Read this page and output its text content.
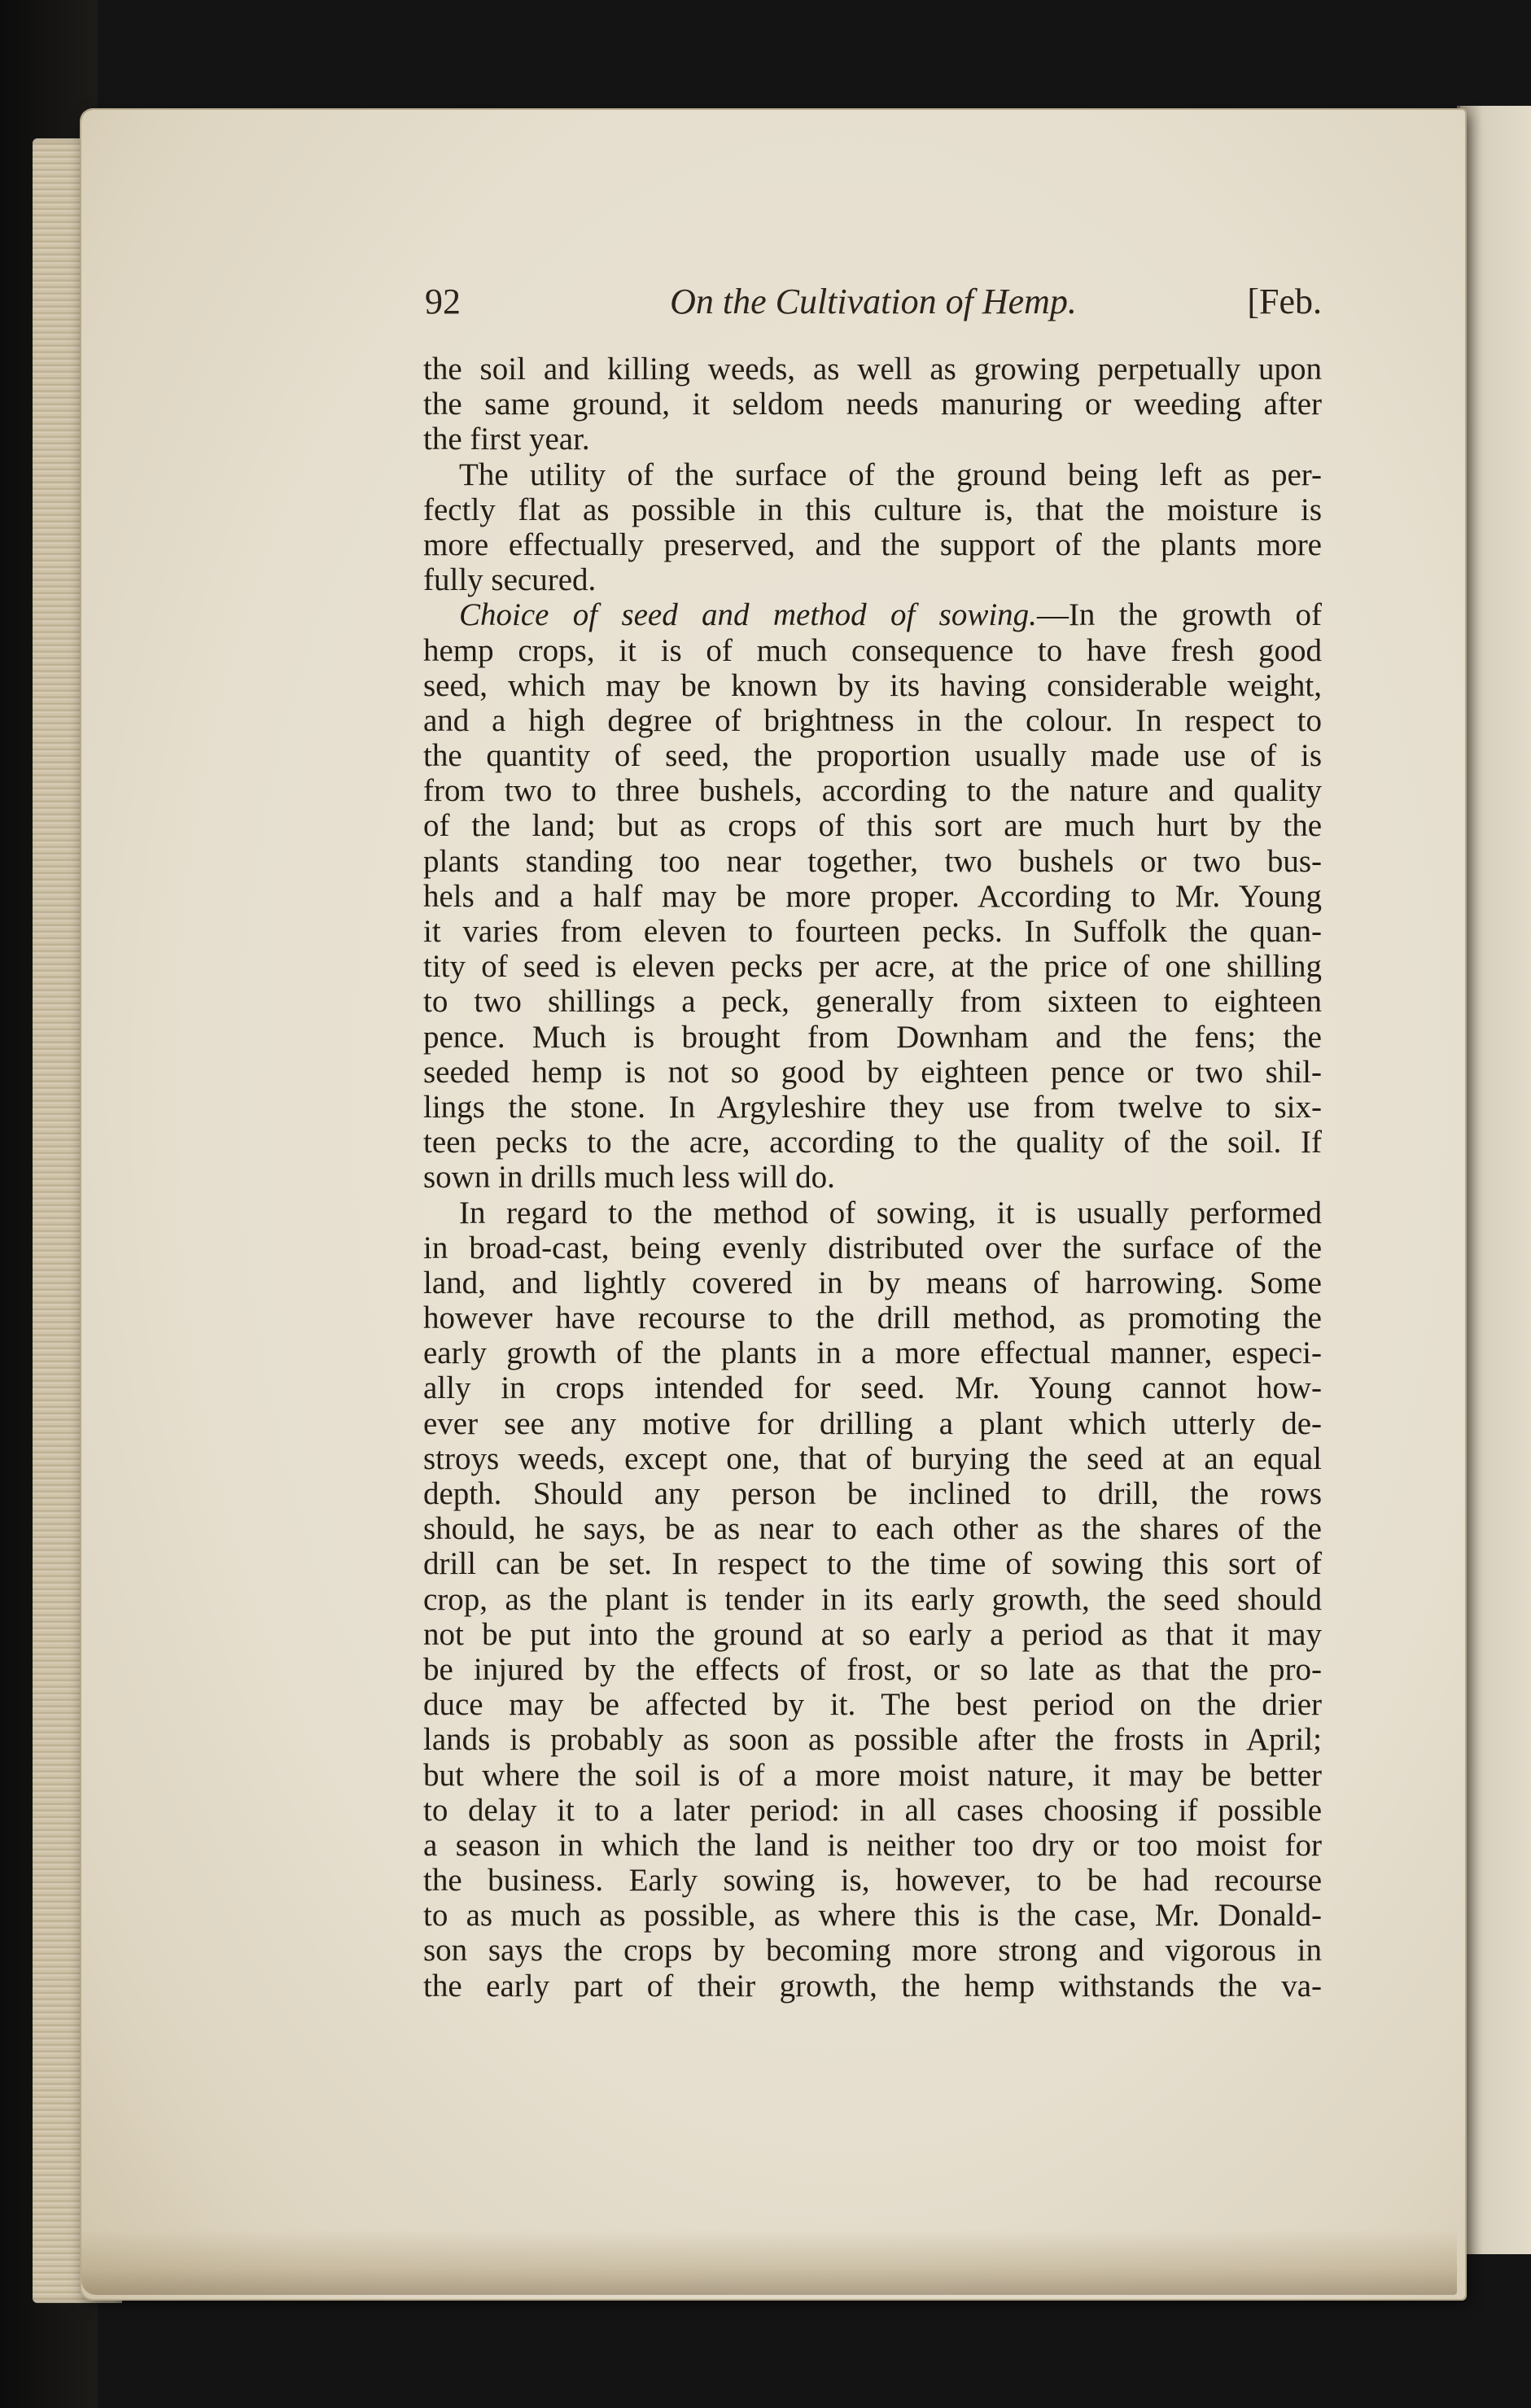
92	On the Cultivation of Hemp.	[Feb.
the soil and killing weeds, as well as growing perpetually upon
the same ground, it seldom needs manuring or weeding after
the first year.
The utility of the surface of the ground being left as per-
fectly flat as possible in this culture is, that the moisture is
more effectually preserved, and the support of the plants more
fully secured.
Choice of seed and method of sowing.—In the growth of
hemp crops, it is of much consequence to have fresh good
seed, which may be known by its having considerable weight,
and a high degree of brightness in the colour. In respect to
the quantity of seed, the proportion usually made use of is
from two to three bushels, according to the nature and quality
of the land; but as crops of this sort are much hurt by the
plants standing too near together, two bushels or two bus-
hels and a half may be more proper. According to Mr. Young
it varies from eleven to fourteen pecks. In Suffolk the quan-
tity of seed is eleven pecks per acre, at the price of one shilling
to two shillings a peck, generally from sixteen to eighteen
pence. Much is brought from Downham and the fens; the
seeded hemp is not so good by eighteen pence or two shil-
lings the stone. In Argyleshire they use from twelve to six-
teen pecks to the acre, according to the quality of the soil. If
sown in drills much less will do.
In regard to the method of sowing, it is usually performed
in broad-cast, being evenly distributed over the surface of the
land, and lightly covered in by means of harrowing. Some
however have recourse to the drill method, as promoting the
early growth of the plants in a more effectual manner, especi-
ally in crops intended for seed. Mr. Young cannot how-
ever see any motive for drilling a plant which utterly de-
stroys weeds, except one, that of burying the seed at an equal
depth. Should any person be inclined to drill, the rows
should, he says, be as near to each other as the shares of the
drill can be set. In respect to the time of sowing this sort of
crop, as the plant is tender in its early growth, the seed should
not be put into the ground at so early a period as that it may
be injured by the effects of frost, or so late as that the pro-
duce may be affected by it. The best period on the drier
lands is probably as soon as possible after the frosts in April;
but where the soil is of a more moist nature, it may be better
to delay it to a later period: in all cases choosing if possible
a season in which the land is neither too dry or too moist for
the business. Early sowing is, however, to be had recourse
to as much as possible, as where this is the case, Mr. Donald-
son says the crops by becoming more strong and vigorous in
the early part of their growth, the hemp withstands the va-
